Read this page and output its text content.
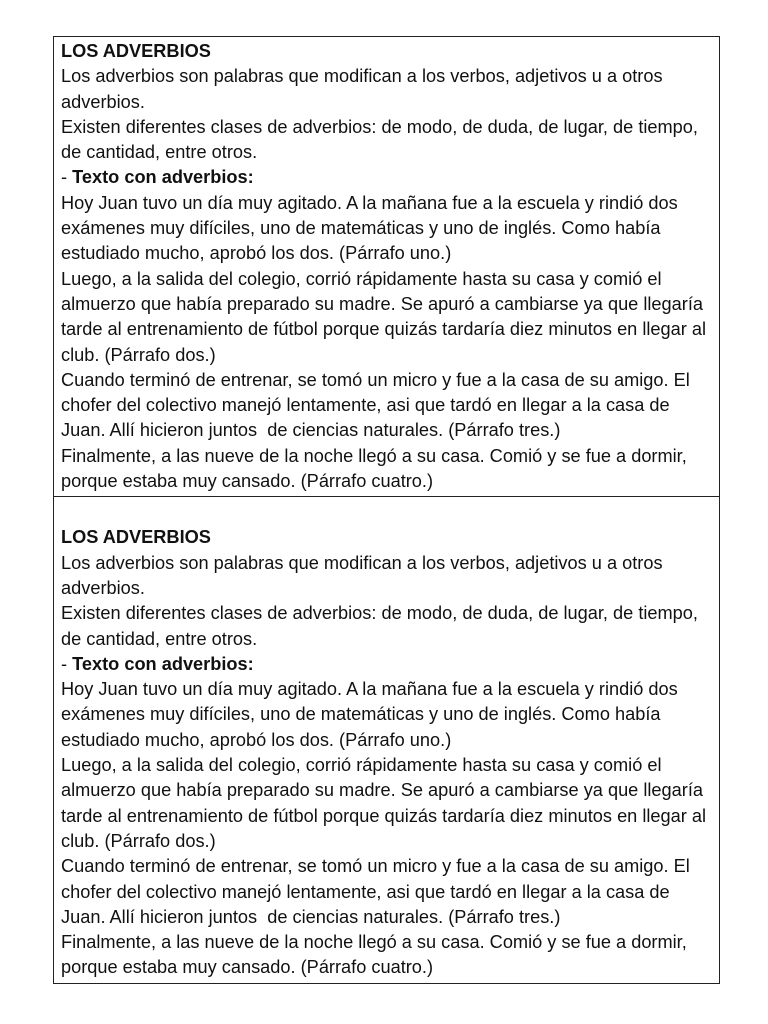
LOS ADVERBIOS
Los adverbios son palabras que modifican a los verbos, adjetivos u a otros adverbios.
Existen diferentes clases de adverbios: de modo, de duda, de lugar, de tiempo, de cantidad, entre otros.
- Texto con adverbios:
Hoy Juan tuvo un día muy agitado. A la mañana fue a la escuela y rindió dos exámenes muy difíciles, uno de matemáticas y uno de inglés. Como había estudiado mucho, aprobó los dos. (Párrafo uno.)
Luego, a la salida del colegio, corrió rápidamente hasta su casa y comió el almuerzo que había preparado su madre. Se apuró a cambiarse ya que llegaría tarde al entrenamiento de fútbol porque quizás tardaría diez minutos en llegar al club. (Párrafo dos.)
Cuando terminó de entrenar, se tomó un micro y fue a la casa de su amigo. El chofer del colectivo manejó lentamente, asi que tardó en llegar a la casa de Juan. Allí hicieron juntos  de ciencias naturales. (Párrafo tres.)
Finalmente, a las nueve de la noche llegó a su casa. Comió y se fue a dormir, porque estaba muy cansado. (Párrafo cuatro.)
LOS ADVERBIOS
Los adverbios son palabras que modifican a los verbos, adjetivos u a otros adverbios.
Existen diferentes clases de adverbios: de modo, de duda, de lugar, de tiempo, de cantidad, entre otros.
- Texto con adverbios:
Hoy Juan tuvo un día muy agitado. A la mañana fue a la escuela y rindió dos exámenes muy difíciles, uno de matemáticas y uno de inglés. Como había estudiado mucho, aprobó los dos. (Párrafo uno.)
Luego, a la salida del colegio, corrió rápidamente hasta su casa y comió el almuerzo que había preparado su madre. Se apuró a cambiarse ya que llegaría tarde al entrenamiento de fútbol porque quizás tardaría diez minutos en llegar al club. (Párrafo dos.)
Cuando terminó de entrenar, se tomó un micro y fue a la casa de su amigo. El chofer del colectivo manejó lentamente, asi que tardó en llegar a la casa de Juan. Allí hicieron juntos  de ciencias naturales. (Párrafo tres.)
Finalmente, a las nueve de la noche llegó a su casa. Comió y se fue a dormir, porque estaba muy cansado. (Párrafo cuatro.)
